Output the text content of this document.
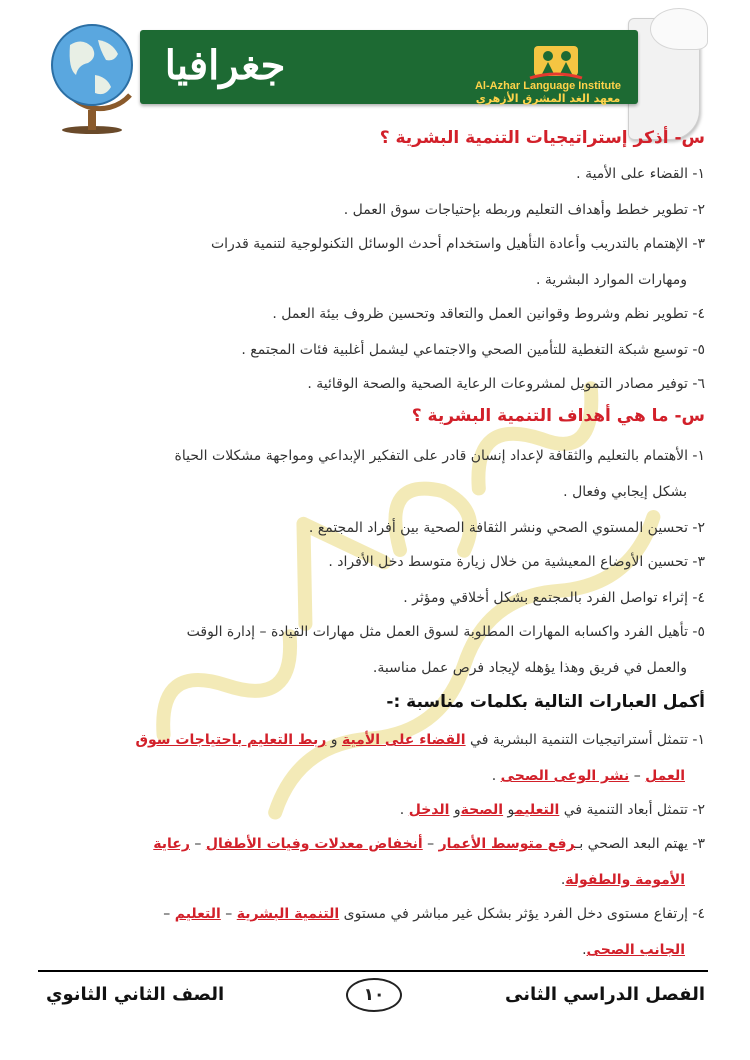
جغرافيا	Al-Azhar Language Institute
معهد الغد المشرق الأزهري
س- أذكر إستراتيجيات التنمية البشرية ؟
١- القضاء على الأمية .
٢- تطوير خطط وأهداف التعليم وربطه بإحتياجات سوق العمل .
٣- الإهتمام بالتدريب وأعادة التأهيل واستخدام أحدث الوسائل التكنولوجية لتنمية قدرات
ومهارات الموارد البشرية .
٤- تطوير نظم وشروط وقوانين العمل والتعاقد وتحسين ظروف بيئة العمل .
٥- توسيع شبكة التغطية للتأمين الصحي والاجتماعي ليشمل أغلبية فئات المجتمع .
٦- توفير مصادر التمويل لمشروعات الرعاية الصحية والصحة الوقائية .
س- ما هي أهداف التنمية البشرية ؟
١- الأهتمام بالتعليم والثقافة لإعداد إنسان قادر على التفكير الإبداعي ومواجهة مشكلات الحياة
بشكل إيجابي وفعال .
٢- تحسين المستوي الصحي ونشر الثقافة الصحية بين أفراد المجتمع .
٣- تحسين الأوضاع المعيشية من خلال زيارة متوسط دخل الأفراد .
٤- إثراء تواصل الفرد بالمجتمع بشكل أخلاقي ومؤثر .
٥- تأهيل الفرد واكسابه المهارات المطلوبة لسوق العمل مثل مهارات القيادة – إدارة الوقت
والعمل في فريق وهذا يؤهله لإيجاد فرص عمل مناسبة.
أكمل العبارات التالية بكلمات مناسبة :-
١- تتمثل أستراتيجيات التنمية البشرية في القضاء على الأمية و ربط التعليم باحتياجات سوق
العمل – نشر الوعى الصحى .
٢- تتمثل أبعاد التنمية في التعليمو الصحةو الدخل .
٣- يهتم البعد الصحي بـرفع متوسط الأعمار – أنخفاض معدلات وفيات الأطفال – رعاية
الأمومة والطفولة.
٤- إرتفاع مستوى دخل الفرد يؤثر بشكل غير مباشر في مستوى التنمية البشرية – التعليم –
الجانب الصحى.
الفصل الدراسي الثانى
١٠
الصف الثاني الثانوي
